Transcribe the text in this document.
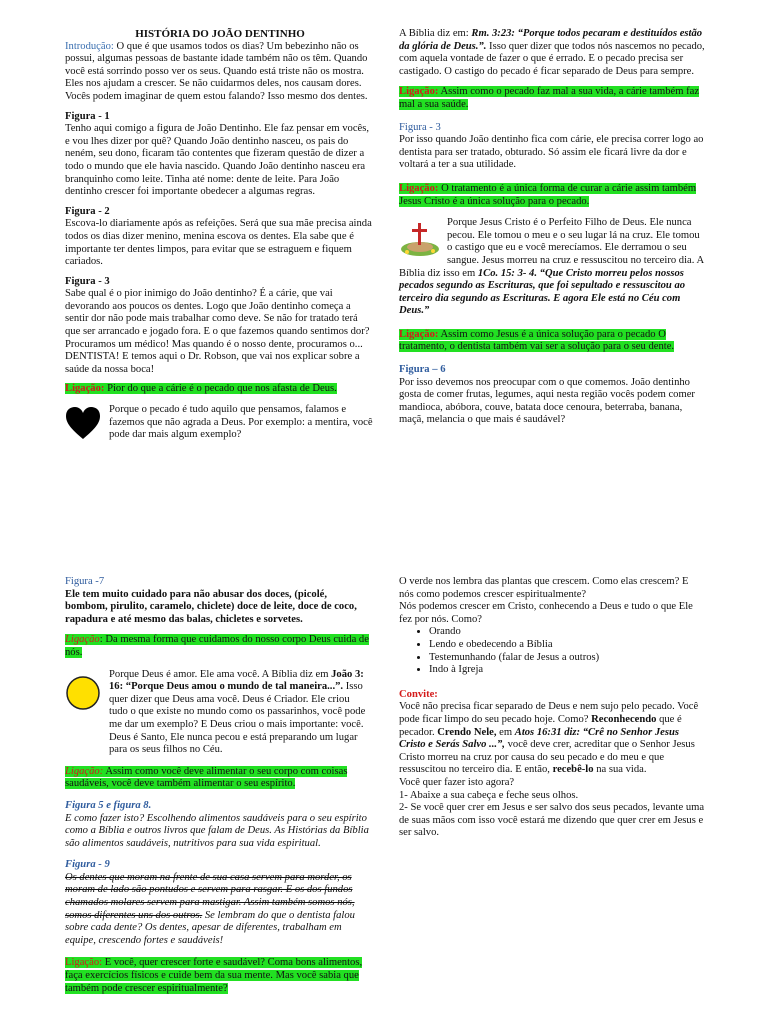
HISTÓRIA DO JOÃO DENTINHO

Introdução: O que é que usamos todos os dias? Um bebezinho não os possui, algumas pessoas de bastante idade também não os têm. Quando você está sorrindo posso ver os seus. Quando está triste não os mostra. Eles nos ajudam a crescer. Se não cuidarmos deles, nos causam dores. Vocês podem imaginar de quem estou falando? Isso mesmo dos dentes.

Figura - 1

Tenho aqui comigo a figura de João Dentinho. Ele faz pensar em vocês, e vou lhes dizer por quê? Quando João dentinho nasceu, os pais do neném, seu dono, ficaram tão contentes que fizeram questão de dizer a todo o mundo que ele havia nascido. Quando João dentinho nasceu era branquinho como leite. Tinha até nome: dente de leite. Para João dentinho crescer foi importante obedecer a algumas regras.

Figura - 2

Escova-lo diariamente após as refeições. Será que sua mãe precisa ainda todos os dias dizer menino, menina escova os dentes. Ela sabe que é importante ter dentes limpos, para evitar que se estraguem e fiquem cariados.

Figura - 3

Sabe qual é o pior inimigo do João dentinho? É a cárie, que vai devorando aos poucos os dentes. Logo que João dentinho começa a sentir dor não pode mais trabalhar como deve. Se não for tratado terá que ser arrancado e jogado fora. E o que fazemos quando sentimos dor? Procuramos um médico! Mas quando é o nosso dente, procuramos o... DENTISTA! E temos aqui o Dr. Robson, que vai nos explicar sobre a saúde da nossa boca!

Ligação: Pior do que a cárie é o pecado que nos afasta de Deus.

Porque o pecado é tudo aquilo que pensamos, falamos e fazemos que não agrada a Deus. Por exemplo: a mentira, você pode dar mais algum exemplo?

A Bíblia diz em: Rm. 3:23: “Porque todos pecaram e destituídos estão da glória de Deus.”. Isso quer dizer que todos nós nascemos no pecado, com aquela vontade de fazer o que é errado. E o pecado precisa ser castigado. O castigo do pecado é ficar separado de Deus para sempre.

Ligação: Assim como o pecado faz mal a sua vida, a cárie também faz mal a sua saúde.

Figura - 3

Por isso quando João dentinho fica com cárie, ele precisa correr logo ao dentista para ser tratado, obturado. Só assim ele ficará livre da dor e voltará a ter a sua utilidade.

Ligação: O tratamento é a única forma de curar a cárie assim também Jesus Cristo é a única solução para o pecado.

Porque Jesus Cristo é o Perfeito Filho de Deus. Ele nunca pecou. Ele tomou o meu e o seu lugar lá na cruz. Ele tomou o castigo que eu e você merecíamos. Ele derramou o seu sangue. Jesus morreu na cruz e ressuscitou no terceiro dia. A Bíblia diz isso em 1Co. 15: 3- 4. “Que Cristo morreu pelos nossos pecados segundo as Escrituras, que foi sepultado e ressuscitou ao terceiro dia segundo as Escrituras. E agora Ele está no Céu com Deus.”

Ligação: Assim como Jesus é a única solução para o pecado O tratamento, o dentista também vai ser a solução para o seu dente.

Figura – 6

Por isso devemos nos preocupar com o que comemos. João dentinho gosta de comer frutas, legumes, aqui nesta região vocês podem comer mandioca, abóbora, couve, batata doce cenoura, beterraba, banana, maçã, melancia o que mais é saudável?

Figura -7

Ele tem muito cuidado para não abusar dos doces, (picolé, bombom, pirulito, caramelo, chiclete) doce de leite, doce de coco, rapadura e até mesmo das balas, chicletes e sorvetes.

Ligação: Da mesma forma que cuidamos do nosso corpo Deus cuida de nós.

Porque Deus é amor. Ele ama você. A Bíblia diz em João 3: 16: “Porque Deus amou o mundo de tal maneira...”. Isso quer dizer que Deus ama você. Deus é Criador. Ele criou tudo o que existe no mundo como os passarinhos, você pode me dar um exemplo? E Deus criou o mais importante: você. Deus é Santo, Ele nunca pecou e está preparando um lugar para os seus filhos no Céu.

Ligação: Assim como você deve alimentar o seu corpo com coisas saudáveis, você deve também alimentar o seu espírito.

Figura 5 e figura 8.

E como fazer isto? Escolhendo alimentos saudáveis para o seu espírito como a Bíblia e outros livros que falam de Deus. As Histórias da Bíblia são alimentos saudáveis, nutritivos para sua vida espiritual.

Figura - 9

Os dentes que moram na frente de sua casa servem para morder, os moram de lado são pontudos e servem para rasgar. E os dos fundos chamados molares servem para mastigar. Assim também somos nós, somos diferentes uns dos outros. Se lembram do que o dentista falou sobre cada dente? Os dentes, apesar de diferentes, trabalham em equipe, crescendo fortes e saudáveis!

Ligação: E você, quer crescer forte e saudável? Coma bons alimentos, faça exercícios físicos e cuide bem da sua mente. Mas você sabia que também pode crescer espiritualmente?

O verde nos lembra das plantas que crescem. Como elas crescem? E nós como podemos crescer espiritualmente?

Nós podemos crescer em Cristo, conhecendo a Deus e tudo o que Ele fez por nós. Como?

• Orando
• Lendo e obedecendo a Bíblia
• Testemunhando (falar de Jesus a outros)
• Indo à Igreja

Convite:

Você não precisa ficar separado de Deus e nem sujo pelo pecado. Você pode ficar limpo do seu pecado hoje. Como? Reconhecendo que é pecador. Crendo Nele, em Atos 16:31 diz: “Crê no Senhor Jesus Cristo e Serás Salvo ...”, você deve crer, acreditar que o Senhor Jesus Cristo morreu na cruz por causa do seu pecado e do meu e que ressuscitou no terceiro dia. E então, recebê-lo na sua vida.

Você quer fazer isto agora?

1- Abaixe a sua cabeça e feche seus olhos.

2- Se você quer crer em Jesus e ser salvo dos seus pecados, levante uma de suas mãos com isso você estará me dizendo que quer crer em Jesus e ser salvo.
